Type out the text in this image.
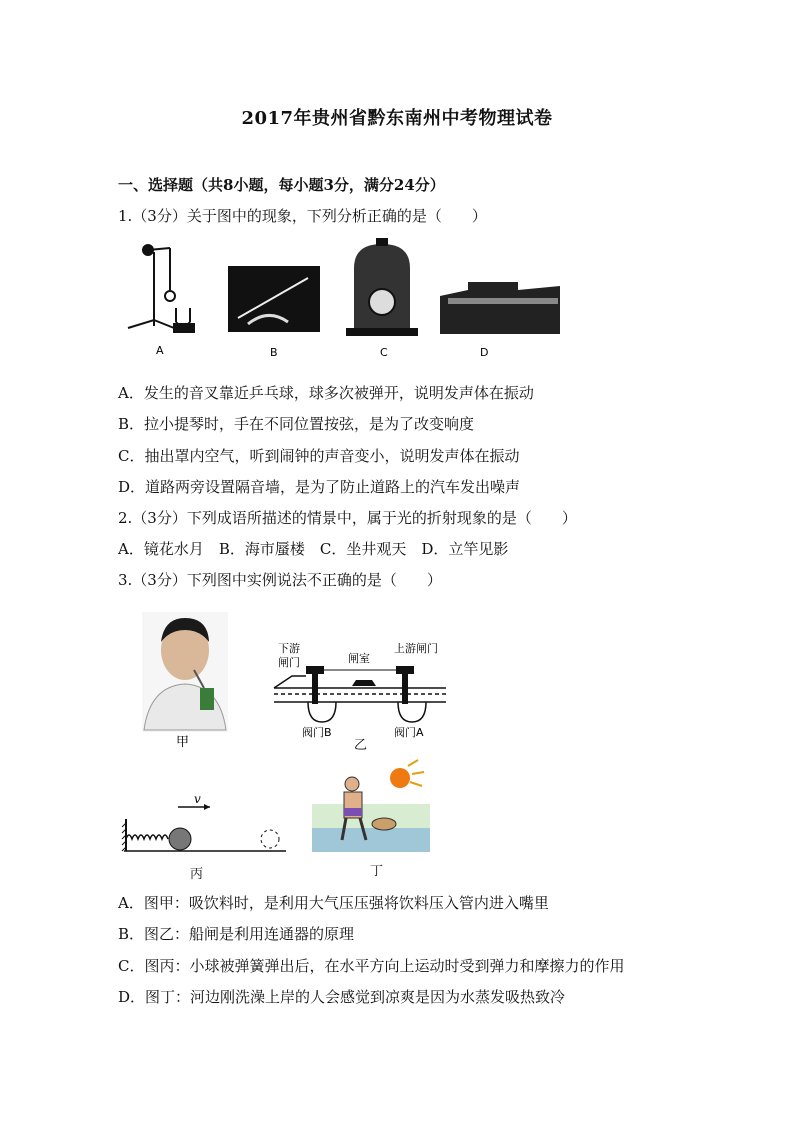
2017年贵州省黔东南州中考物理试卷
一、选择题（共8小题，每小题3分，满分24分）
1.（3分）关于图中的现象，下列分析正确的是（　　）
A	B	C	D
A．发生的音叉靠近乒乓球，球多次被弹开，说明发声体在振动
B．拉小提琴时，手在不同位置按弦，是为了改变响度
C．抽出罩内空气，听到闹钟的声音变小，说明发声体在振动
D．道路两旁设置隔音墙，是为了防止道路上的汽车发出噪声
2.（3分）下列成语所描述的情景中，属于光的折射现象的是（　　）
A．镜花水月　B．海市蜃楼　C．坐井观天　D．立竿见影
3.（3分）下列图中实例说法不正确的是（　　）
甲
下游
闸门	闸室
上游闸门
阀门B	阀门A
乙
v
丙	丁
A．图甲：吸饮料时，是利用大气压压强将饮料压入管内进入嘴里
B．图乙：船闸是利用连通器的原理
C．图丙：小球被弹簧弹出后，在水平方向上运动时受到弹力和摩擦力的作用
D．图丁：河边刚洗澡上岸的人会感觉到凉爽是因为水蒸发吸热致冷
